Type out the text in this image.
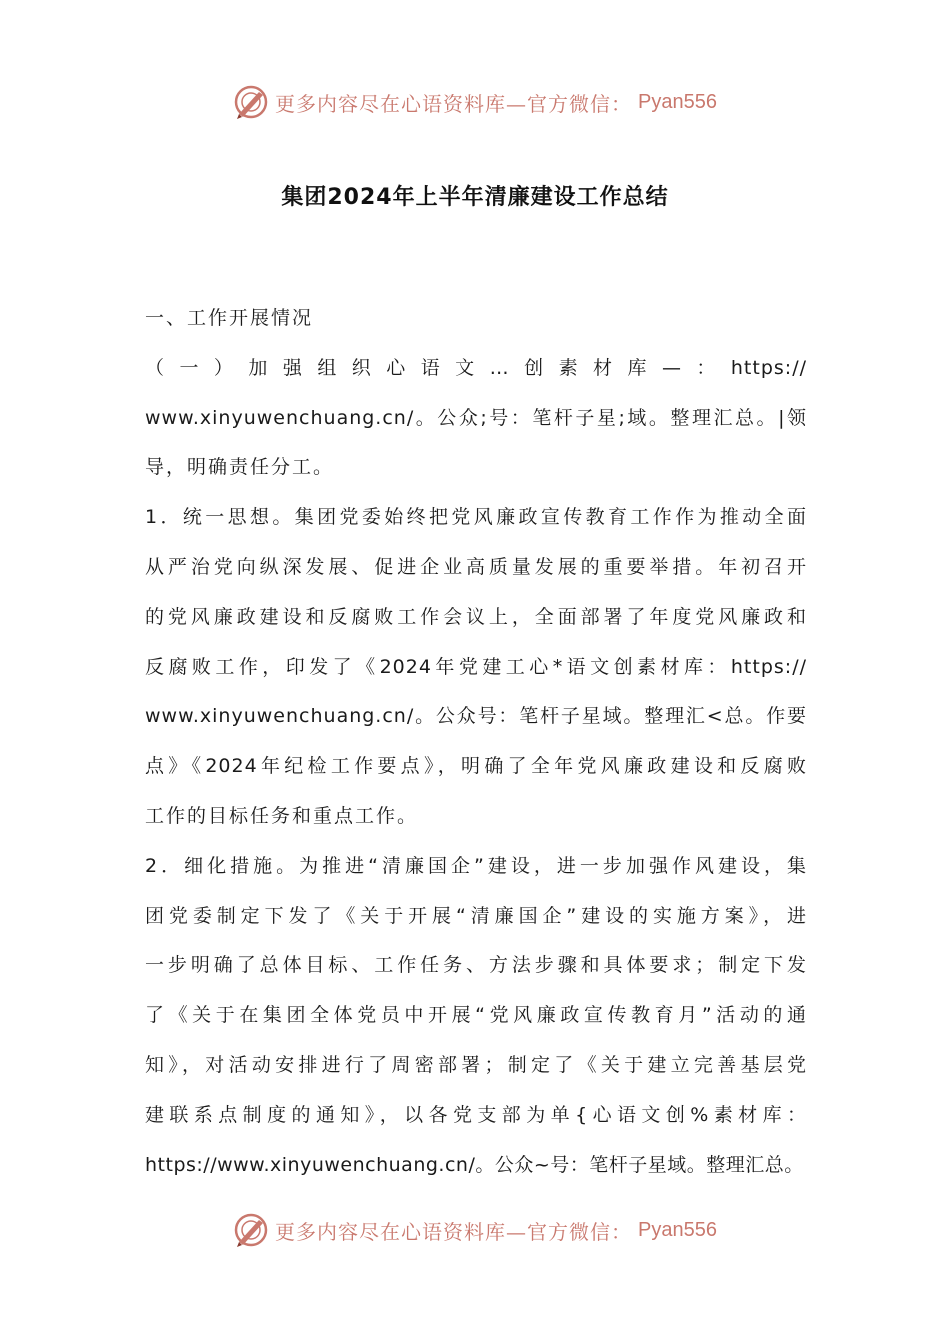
更多内容尽在心语资料库—官方微信： Pyan556
集团2024年上半年清廉建设工作总结
一、工作开展情况
（一）加强组织心语文…创素材库—：https://
www.xinyuwenchuang.cn/。公众;号：笔杆子星;域。整理汇总。|领
导，明确责任分工。
1．统一思想。集团党委始终把党风廉政宣传教育工作作为推动全面
从严治党向纵深发展、促进企业高质量发展的重要举措。年初召开
的党风廉政建设和反腐败工作会议上，全面部署了年度党风廉政和
反腐败工作，印发了《2024年党建工心*语文创素材库：https://
www.xinyuwenchuang.cn/。公众号：笔杆子星域。整理汇<总。作要
点》《2024年纪检工作要点》，明确了全年党风廉政建设和反腐败
工作的目标任务和重点工作。
2．细化措施。为推进“清廉国企”建设，进一步加强作风建设，集
团党委制定下发了《关于开展“清廉国企”建设的实施方案》，进
一步明确了总体目标、工作任务、方法步骤和具体要求；制定下发
了《关于在集团全体党员中开展“党风廉政宣传教育月”活动的通
知》，对活动安排进行了周密部署；制定了《关于建立完善基层党
建联系点制度的通知》，以各党支部为单{心语文创%素材库：
https://www.xinyuwenchuang.cn/。公众~号：笔杆子星域。整理汇总。
更多内容尽在心语资料库—官方微信： Pyan556
